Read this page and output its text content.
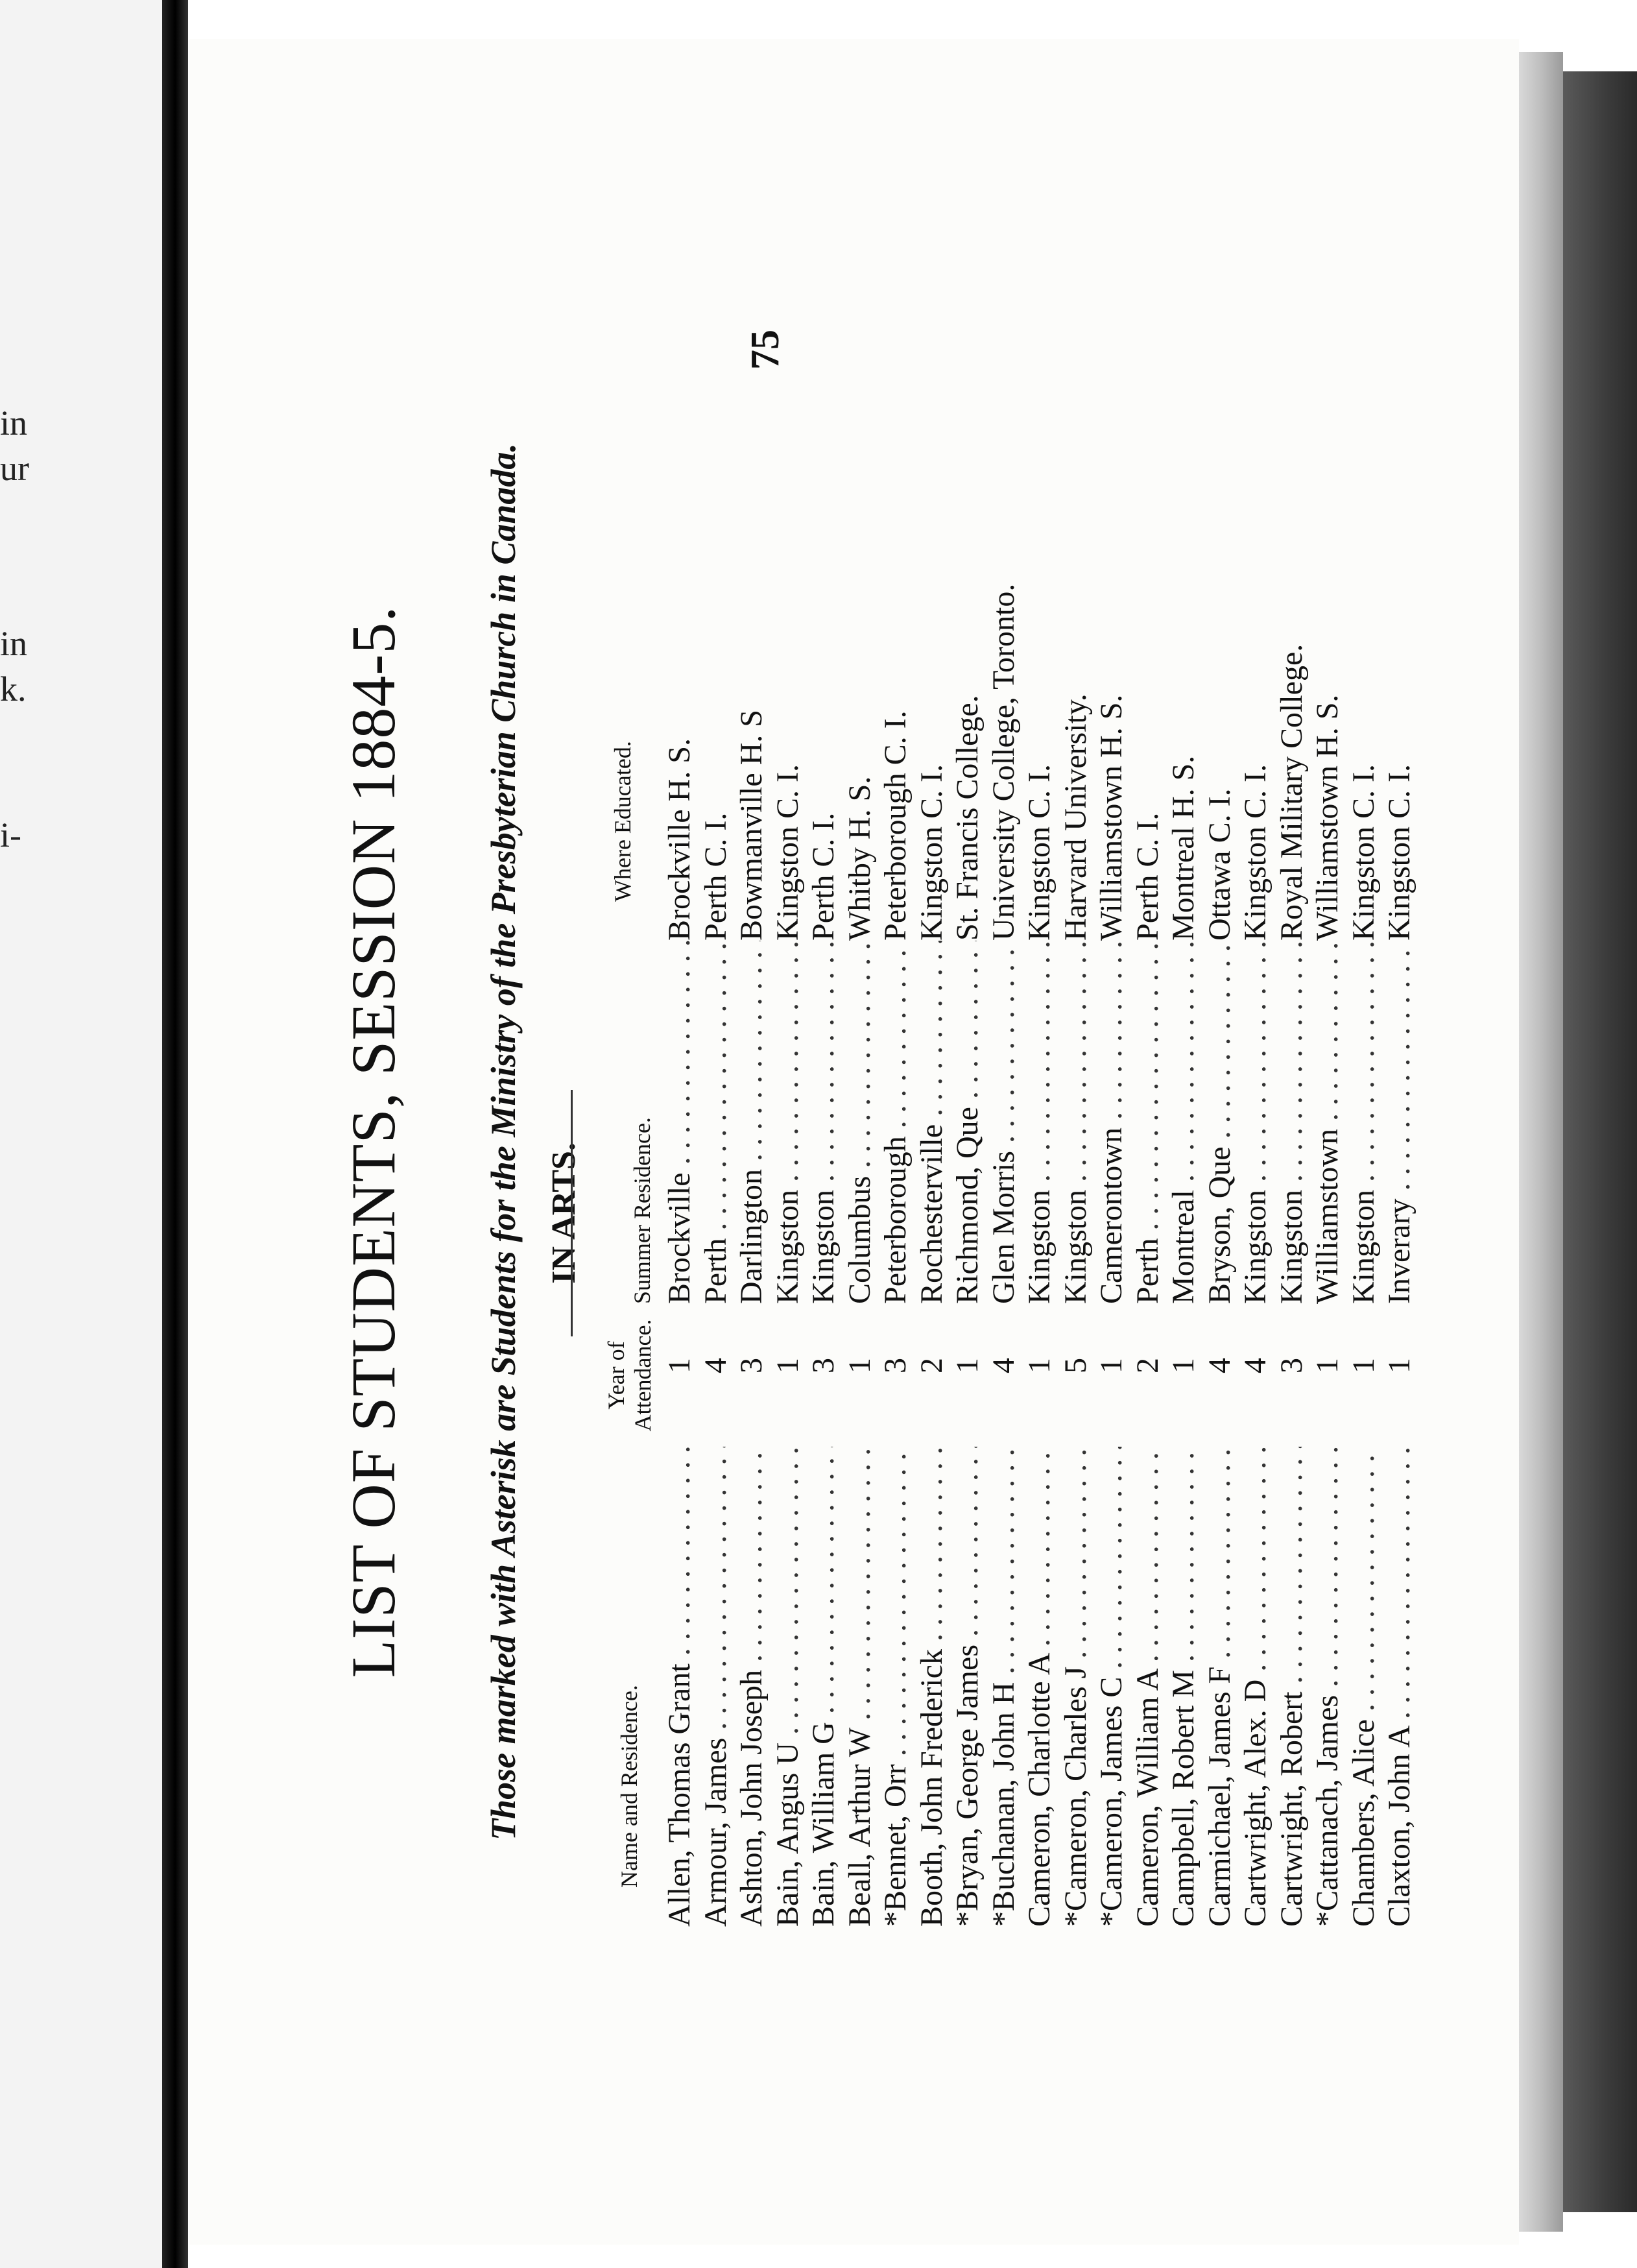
in
ur
in
k.
i-
75
LIST OF STUDENTS, SESSION 1884-5. Those marked with Asterisk are Students for the Ministry of the Presbyterian Church in Canada. IN ARTS.
Name and Residence.
Year of Attendance.
Summer Residence.
Where Educated.
Allen, Thomas Grant . . .
1
Brockville . . .
Brockville H. S.
Armour, James . . .
4
Perth . . .
Perth C. I.
Ashton, John Joseph . . .
3
Darlington . . .
Bowmanville H. S
Bain, Angus U . . .
1
Kingston . . .
Kingston C. I.
Bain, William G . . .
3
Kingston . . .
Perth C. I.
Beall, Arthur W . . .
1
Columbus . . .
Whitby H. S.
*Bennet, Orr . . .
3
Peterborough . . .
Peterborough C. I.
Booth, John Frederick . . .
2
Rochesterville . . .
Kingston C. I.
*Bryan, George James . . .
1
Richmond, Que . . .
St. Francis College.
*Buchanan, John H . . .
4
Glen Morris . . .
University College, Toronto.
Cameron, Charlotte A . . .
1
Kingston . . .
Kingston C. I.
*Cameron, Charles J . . .
5
Kingston . . .
Harvard University.
*Cameron, James C . . .
1
Camerontown . . .
Williamstown H. S.
Cameron, William A . . .
2
Perth . . .
Perth C. I.
Campbell, Robert M . . .
1
Montreal . . .
Montreal H. S.
Carmichael, James F . . .
4
Bryson, Que . . .
Ottawa C. I.
Cartwright, Alex. D . . .
4
Kingston . . .
Kingston C. I.
Cartwright, Robert . . .
3
Kingston . . .
Royal Military College.
*Cattanach, James . . .
1
Williamstown . . .
Williamstown H. S.
Chambers, Alice . . .
1
Kingston . . .
Kingston C. I.
Claxton, John A . . .
1
Inverary . . .
Kingston C. I.
